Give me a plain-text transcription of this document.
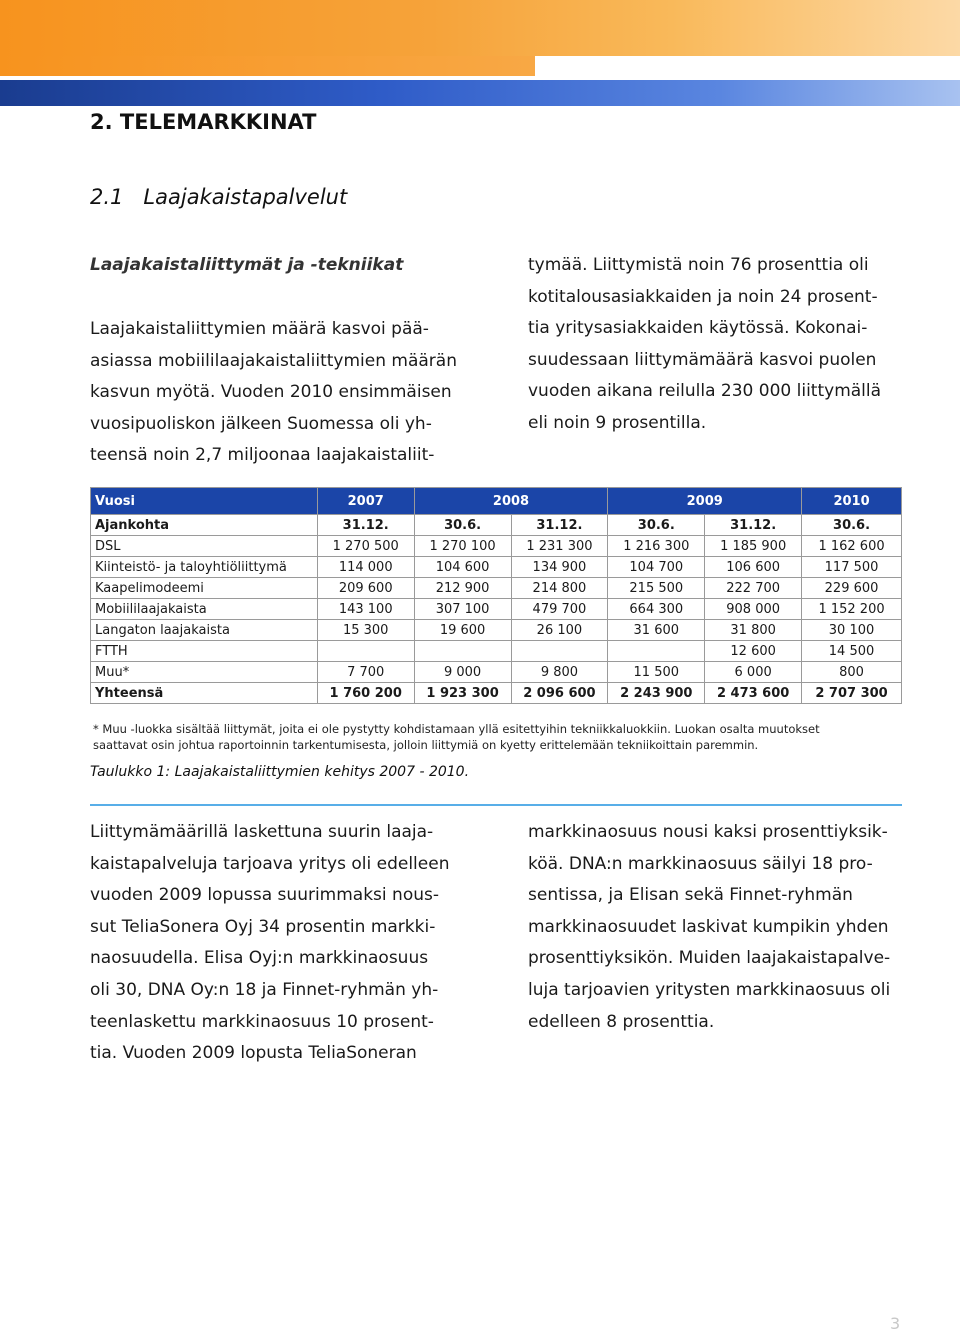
2. TELEMARKKINAT
2.1   Laajakaistapalvelut
Laajakaistaliittymät ja -tekniikat
Laajakaistaliittymien määrä kasvoi pää-
asiassa mobiililaajakaistaliittymien määrän
kasvun myötä. Vuoden 2010 ensimmäisen
vuosipuoliskon jälkeen Suomessa oli yh-
teensä noin 2,7 miljoonaa laajakaistaliit-
tymää. Liittymistä noin 76 prosenttia oli
kotitalousasiakkaiden ja noin 24 prosent-
tia yritysasiakkaiden käytössä. Kokonai-
suudessaan liittymämäärä kasvoi puolen
vuoden aikana reilulla 230 000 liittymällä
eli noin 9 prosentilla.
Vuosi	2007	2008		2009		2010
Ajankohta	31.12.	30.6.	31.12.	30.6.	31.12.	30.6.
DSL	1 270 500	1 270 100	1 231 300	1 216 300	1 185 900	1 162 600
Kiinteistö- ja taloyhtiöliittymä	114 000	104 600	134 900	104 700	106 600	117 500
Kaapelimodeemi	209 600	212 900	214 800	215 500	222 700	229 600
Mobiililaajakaista	143 100	307 100	479 700	664 300	908 000	1 152 200
Langaton laajakaista	15 300	19 600	26 100	31 600	31 800	30 100
FTTH					12 600	14 500
Muu*	7 700	9 000	9 800	11 500	6 000	800
Yhteensä	1 760 200	1 923 300	2 096 600	2 243 900	2 473 600	2 707 300
* Muu -luokka sisältää liittymät, joita ei ole pystytty kohdistamaan yllä esitettyihin tekniikkaluokkiin. Luokan osalta muutokset
saattavat osin johtua raportoinnin tarkentumisesta, jolloin liittymiä on kyetty erittelemään tekniikoittain paremmin.
Taulukko 1: Laajakaistaliittymien kehitys 2007 - 2010.
Liittymämäärillä laskettuna suurin laaja-
kaistapalveluja tarjoava yritys oli edelleen
vuoden 2009 lopussa suurimmaksi nous-
sut TeliaSonera Oyj 34 prosentin markki-
naosuudella. Elisa Oyj:n markkinaosuus
oli 30, DNA Oy:n 18 ja Finnet-ryhmän yh-
teenlaskettu markkinaosuus 10 prosent-
tia. Vuoden 2009 lopusta TeliaSoneran
markkinaosuus nousi kaksi prosenttiyksik-
köä. DNA:n markkinaosuus säilyi 18 pro-
sentissa, ja Elisan sekä Finnet-ryhmän
markkinaosuudet laskivat kumpikin yhden
prosenttiyksikön. Muiden laajakaistapalve-
luja tarjoavien yritysten markkinaosuus oli
edelleen 8 prosenttia.
3
